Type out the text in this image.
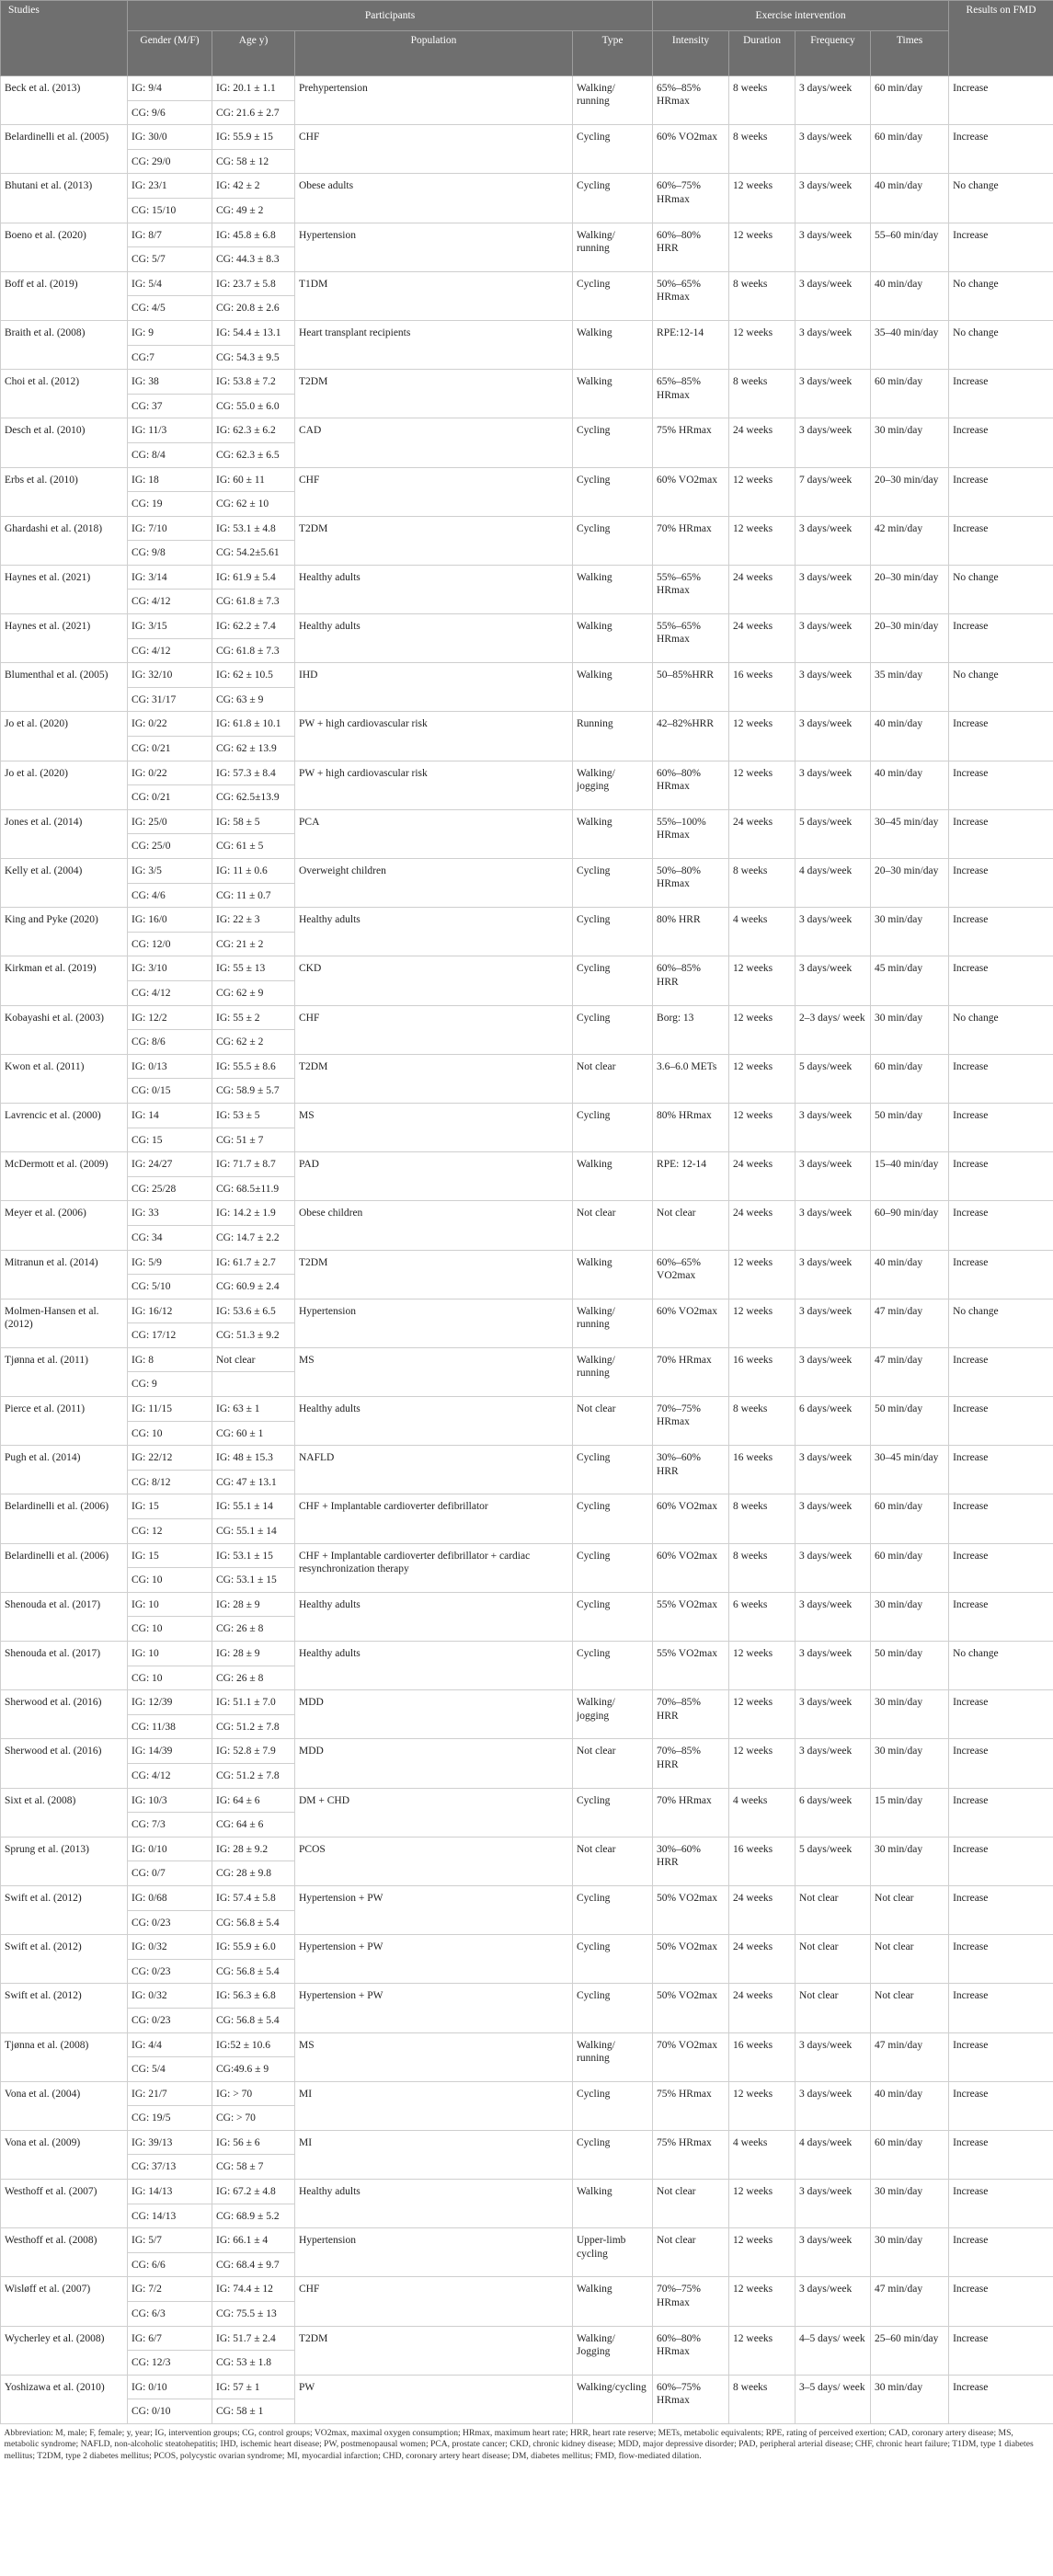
Studies	Participants				Exercise intervention				Results on FMD
	Gender (M/F)	Age y)	Population	Type	Intensity	Duration	Frequency	Times	
Beck et al. (2013)	IG: 9/4	IG: 20.1 ± 1.1	Prehypertension	Walking/ running	65%–85% HRmax	8 weeks	3 days/week	60 min/day	Increase
	CG: 9/6	CG: 21.6 ± 2.7							
Belardinelli et al. (2005)	IG: 30/0	IG: 55.9 ± 15	CHF	Cycling	60% VO2max	8 weeks	3 days/week	60 min/day	Increase
	CG: 29/0	CG: 58 ± 12							
Bhutani et al. (2013)	IG: 23/1	IG: 42 ± 2	Obese adults	Cycling	60%–75% HRmax	12 weeks	3 days/week	40 min/day	No change
	CG: 15/10	CG: 49 ± 2							
Boeno et al. (2020)	IG: 8/7	IG: 45.8 ± 6.8	Hypertension	Walking/ running	60%–80% HRR	12 weeks	3 days/week	55–60 min/day	Increase
	CG: 5/7	CG: 44.3 ± 8.3							
Boff et al. (2019)	IG: 5/4	IG: 23.7 ± 5.8	T1DM	Cycling	50%–65% HRmax	8 weeks	3 days/week	40 min/day	No change
	CG: 4/5	CG: 20.8 ± 2.6							
Braith et al. (2008)	IG: 9	IG: 54.4 ± 13.1	Heart transplant recipients	Walking	RPE:12-14	12 weeks	3 days/week	35–40 min/day	No change
	CG:7	CG: 54.3 ± 9.5							
Choi et al. (2012)	IG: 38	IG: 53.8 ± 7.2	T2DM	Walking	65%–85% HRmax	8 weeks	3 days/week	60 min/day	Increase
	CG: 37	CG: 55.0 ± 6.0							
Desch et al. (2010)	IG: 11/3	IG: 62.3 ± 6.2	CAD	Cycling	75% HRmax	24 weeks	3 days/week	30 min/day	Increase
	CG: 8/4	CG: 62.3 ± 6.5							
Erbs et al. (2010)	IG: 18	IG: 60 ± 11	CHF	Cycling	60% VO2max	12 weeks	7 days/week	20–30 min/day	Increase
	CG: 19	CG: 62 ± 10							
Ghardashi et al. (2018)	IG: 7/10	IG: 53.1 ± 4.8	T2DM	Cycling	70% HRmax	12 weeks	3 days/week	42 min/day	Increase
	CG: 9/8	CG: 54.2±5.61							
Haynes et al. (2021)	IG: 3/14	IG: 61.9 ± 5.4	Healthy adults	Walking	55%–65% HRmax	24 weeks	3 days/week	20–30 min/day	No change
	CG: 4/12	CG: 61.8 ± 7.3							
Haynes et al. (2021)	IG: 3/15	IG: 62.2 ± 7.4	Healthy adults	Walking	55%–65% HRmax	24 weeks	3 days/week	20–30 min/day	Increase
	CG: 4/12	CG: 61.8 ± 7.3							
Blumenthal et al. (2005)	IG: 32/10	IG: 62 ± 10.5	IHD	Walking	50–85%HRR	16 weeks	3 days/week	35 min/day	No change
	CG: 31/17	CG: 63 ± 9							
Jo et al. (2020)	IG: 0/22	IG: 61.8 ± 10.1	PW + high cardiovascular risk	Running	42–82%HRR	12 weeks	3 days/week	40 min/day	Increase
	CG: 0/21	CG: 62 ± 13.9							
Jo et al. (2020)	IG: 0/22	IG: 57.3 ± 8.4	PW + high cardiovascular risk	Walking/ jogging	60%–80% HRmax	12 weeks	3 days/week	40 min/day	Increase
	CG: 0/21	CG: 62.5±13.9							
Jones et al. (2014)	IG: 25/0	IG: 58 ± 5	PCA	Walking	55%–100% HRmax	24 weeks	5 days/week	30–45 min/day	Increase
	CG: 25/0	CG: 61 ± 5							
Kelly et al. (2004)	IG: 3/5	IG: 11 ± 0.6	Overweight children	Cycling	50%–80% HRmax	8 weeks	4 days/week	20–30 min/day	Increase
	CG: 4/6	CG: 11 ± 0.7							
King and Pyke (2020)	IG: 16/0	IG: 22 ± 3	Healthy adults	Cycling	80% HRR	4 weeks	3 days/week	30 min/day	Increase
	CG: 12/0	CG: 21 ± 2							
Kirkman et al. (2019)	IG: 3/10	IG: 55 ± 13	CKD	Cycling	60%–85% HRR	12 weeks	3 days/week	45 min/day	Increase
	CG: 4/12	CG: 62 ± 9							
Kobayashi et al. (2003)	IG: 12/2	IG: 55 ± 2	CHF	Cycling	Borg: 13	12 weeks	2–3 days/ week	30 min/day	No change
	CG: 8/6	CG: 62 ± 2							
Kwon et al. (2011)	IG: 0/13	IG: 55.5 ± 8.6	T2DM	Not clear	3.6–6.0 METs	12 weeks	5 days/week	60 min/day	Increase
	CG: 0/15	CG: 58.9 ± 5.7							
Lavrencic et al. (2000)	IG: 14	IG: 53 ± 5	MS	Cycling	80% HRmax	12 weeks	3 days/week	50 min/day	Increase
	CG: 15	CG: 51 ± 7							
McDermott et al. (2009)	IG: 24/27	IG: 71.7 ± 8.7	PAD	Walking	RPE: 12-14	24 weeks	3 days/week	15–40 min/day	Increase
	CG: 25/28	CG: 68.5±11.9							
Meyer et al. (2006)	IG: 33	IG: 14.2 ± 1.9	Obese children	Not clear	Not clear	24 weeks	3 days/week	60–90 min/day	Increase
	CG: 34	CG: 14.7 ± 2.2							
Mitranun et al. (2014)	IG: 5/9	IG: 61.7 ± 2.7	T2DM	Walking	60%–65% VO2max	12 weeks	3 days/week	40 min/day	Increase
	CG: 5/10	CG: 60.9 ± 2.4							
Molmen-Hansen et al. (2012)	IG: 16/12	IG: 53.6 ± 6.5	Hypertension	Walking/ running	60% VO2max	12 weeks	3 days/week	47 min/day	No change
	CG: 17/12	CG: 51.3 ± 9.2							
Tjønna et al. (2011)	IG: 8	Not clear	MS	Walking/ running	70% HRmax	16 weeks	3 days/week	47 min/day	Increase
	CG: 9								
Pierce et al. (2011)	IG: 11/15	IG: 63 ± 1	Healthy adults	Not clear	70%–75% HRmax	8 weeks	6 days/week	50 min/day	Increase
	CG: 10	CG: 60 ± 1							
Pugh et al. (2014)	IG: 22/12	IG: 48 ± 15.3	NAFLD	Cycling	30%–60% HRR	16 weeks	3 days/week	30–45 min/day	Increase
	CG: 8/12	CG: 47 ± 13.1							
Belardinelli et al. (2006)	IG: 15	IG: 55.1 ± 14	CHF + Implantable cardioverter defibrillator	Cycling	60% VO2max	8 weeks	3 days/week	60 min/day	Increase
	CG: 12	CG: 55.1 ± 14							
Belardinelli et al. (2006)	IG: 15	IG: 53.1 ± 15	CHF + Implantable cardioverter defibrillator + cardiac resynchronization therapy	Cycling	60% VO2max	8 weeks	3 days/week	60 min/day	Increase
	CG: 10	CG: 53.1 ± 15							
Shenouda et al. (2017)	IG: 10	IG: 28 ± 9	Healthy adults	Cycling	55% VO2max	6 weeks	3 days/week	30 min/day	Increase
	CG: 10	CG: 26 ± 8							
Shenouda et al. (2017)	IG: 10	IG: 28 ± 9	Healthy adults	Cycling	55% VO2max	12 weeks	3 days/week	50 min/day	No change
	CG: 10	CG: 26 ± 8							
Sherwood et al. (2016)	IG: 12/39	IG: 51.1 ± 7.0	MDD	Walking/ jogging	70%–85% HRR	12 weeks	3 days/week	30 min/day	Increase
	CG: 11/38	CG: 51.2 ± 7.8							
Sherwood et al. (2016)	IG: 14/39	IG: 52.8 ± 7.9	MDD	Not clear	70%–85% HRR	12 weeks	3 days/week	30 min/day	Increase
	CG: 4/12	CG: 51.2 ± 7.8							
Sixt et al. (2008)	IG: 10/3	IG: 64 ± 6	DM + CHD	Cycling	70% HRmax	4 weeks	6 days/week	15 min/day	Increase
	CG: 7/3	CG: 64 ± 6							
Sprung et al. (2013)	IG: 0/10	IG: 28 ± 9.2	PCOS	Not clear	30%–60% HRR	16 weeks	5 days/week	30 min/day	Increase
	CG: 0/7	CG: 28 ± 9.8							
Swift et al. (2012)	IG: 0/68	IG: 57.4 ± 5.8	Hypertension + PW	Cycling	50% VO2max	24 weeks	Not clear	Not clear	Increase
	CG: 0/23	CG: 56.8 ± 5.4							
Swift et al. (2012)	IG: 0/32	IG: 55.9 ± 6.0	Hypertension + PW	Cycling	50% VO2max	24 weeks	Not clear	Not clear	Increase
	CG: 0/23	CG: 56.8 ± 5.4							
Swift et al. (2012)	IG: 0/32	IG: 56.3 ± 6.8	Hypertension + PW	Cycling	50% VO2max	24 weeks	Not clear	Not clear	Increase
	CG: 0/23	CG: 56.8 ± 5.4							
Tjønna et al. (2008)	IG: 4/4	IG:52 ± 10.6	MS	Walking/ running	70% VO2max	16 weeks	3 days/week	47 min/day	Increase
	CG: 5/4	CG:49.6 ± 9							
Vona et al. (2004)	IG: 21/7	IG: > 70	MI	Cycling	75% HRmax	12 weeks	3 days/week	40 min/day	Increase
	CG: 19/5	CG: > 70							
Vona et al. (2009)	IG: 39/13	IG: 56 ± 6	MI	Cycling	75% HRmax	4 weeks	4 days/week	60 min/day	Increase
	CG: 37/13	CG: 58 ± 7							
Westhoff et al. (2007)	IG: 14/13	IG: 67.2 ± 4.8	Healthy adults	Walking	Not clear	12 weeks	3 days/week	30 min/day	Increase
	CG: 14/13	CG: 68.9 ± 5.2							
Westhoff et al. (2008)	IG: 5/7	IG: 66.1 ± 4	Hypertension	Upper-limb cycling	Not clear	12 weeks	3 days/week	30 min/day	Increase
	CG: 6/6	CG: 68.4 ± 9.7							
Wisløff et al. (2007)	IG: 7/2	IG: 74.4 ± 12	CHF	Walking	70%–75% HRmax	12 weeks	3 days/week	47 min/day	Increase
	CG: 6/3	CG: 75.5 ± 13							
Wycherley et al. (2008)	IG: 6/7	IG: 51.7 ± 2.4	T2DM	Walking/ Jogging	60%–80% HRmax	12 weeks	4–5 days/ week	25–60 min/day	Increase
	CG: 12/3	CG: 53 ± 1.8							
Yoshizawa et al. (2010)	IG: 0/10	IG: 57 ± 1	PW	Walking/cycling	60%–75% HRmax	8 weeks	3–5 days/ week	30 min/day	Increase
	CG: 0/10	CG: 58 ± 1							
Abbreviation: M, male; F, female; y, year; IG, intervention groups; CG, control groups; VO2max, maximal oxygen consumption; HRmax, maximum heart rate; HRR, heart rate reserve; METs, metabolic equivalents; RPE, rating of perceived exertion; CAD, coronary artery disease; MS, metabolic syndrome; NAFLD, non-alcoholic steatohepatitis; IHD, ischemic heart disease; PW, postmenopausal women; PCA, prostate cancer; CKD, chronic kidney disease; MDD, major depressive disorder; PAD, peripheral arterial disease; CHF, chronic heart failure; T1DM, type 1 diabetes mellitus; T2DM, type 2 diabetes mellitus; PCOS, polycystic ovarian syndrome; MI, myocardial infarction; CHD, coronary artery heart disease; DM, diabetes mellitus; FMD, flow-mediated dilation.									
